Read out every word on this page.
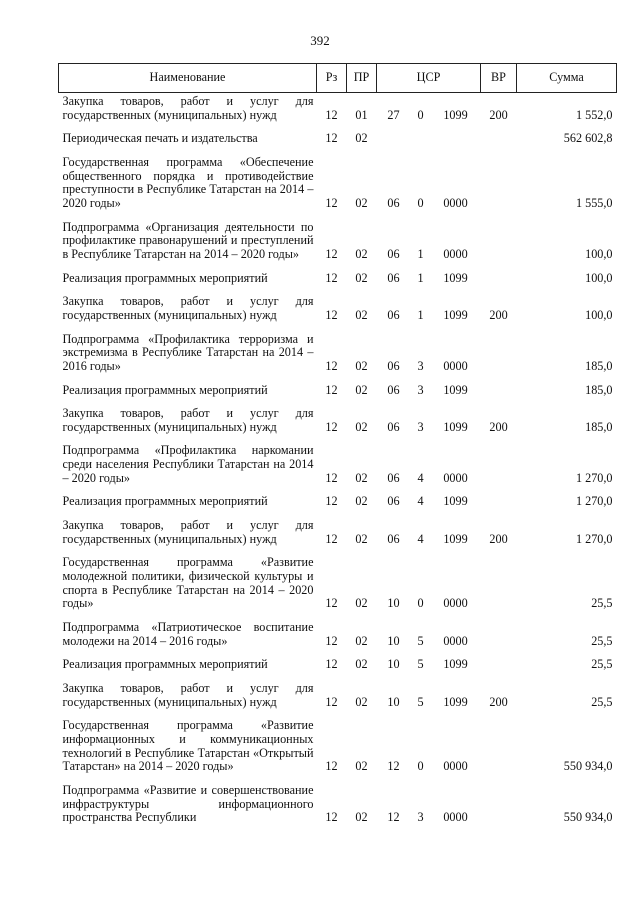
392
Наименование	Рз	ПР	ЦСР			ВР	Сумма
Закупка товаров, работ и услуг для государственных (муниципальных) нужд	12	01	27	0	1099	200	1 552,0

Периодическая печать и издательства	12	02					562 602,8

Государственная программа «Обеспечение общественного порядка и противодействие преступности в Республике Татарстан на 2014 – 2020 годы»	12	02	06	0	0000		1 555,0

Подпрограмма «Организация деятельности по профилактике правонарушений и преступлений в Республике Татарстан на 2014 – 2020 годы»	12	02	06	1	0000		100,0

Реализация программных мероприятий	12	02	06	1	1099		100,0

Закупка товаров, работ и услуг для государственных (муниципальных) нужд	12	02	06	1	1099	200	100,0

Подпрограмма «Профилактика терроризма и экстремизма в Республике Татарстан на 2014 – 2016 годы»	12	02	06	3	0000		185,0

Реализация программных мероприятий	12	02	06	3	1099		185,0

Закупка товаров, работ и услуг для государственных (муниципальных) нужд	12	02	06	3	1099	200	185,0

Подпрограмма «Профилактика наркомании среди населения Республики Татарстан на 2014 – 2020 годы»	12	02	06	4	0000		1 270,0

Реализация программных мероприятий	12	02	06	4	1099		1 270,0

Закупка товаров, работ и услуг для государственных (муниципальных) нужд	12	02	06	4	1099	200	1 270,0

Государственная программа «Развитие молодежной политики, физической культуры и спорта в Республике Татарстан на 2014 – 2020 годы»	12	02	10	0	0000		25,5

Подпрограмма «Патриотическое воспитание молодежи на 2014 – 2016 годы»	12	02	10	5	0000		25,5

Реализация программных мероприятий	12	02	10	5	1099		25,5

Закупка товаров, работ и услуг для государственных (муниципальных) нужд	12	02	10	5	1099	200	25,5

Государственная программа «Развитие информационных и коммуникационных технологий в Республике Татарстан «Открытый Татарстан» на 2014 – 2020 годы»	12	02	12	0	0000		550 934,0

Подпрограмма «Развитие и совершенствование инфраструктуры информационного пространства Республики	12	02	12	3	0000		550 934,0
